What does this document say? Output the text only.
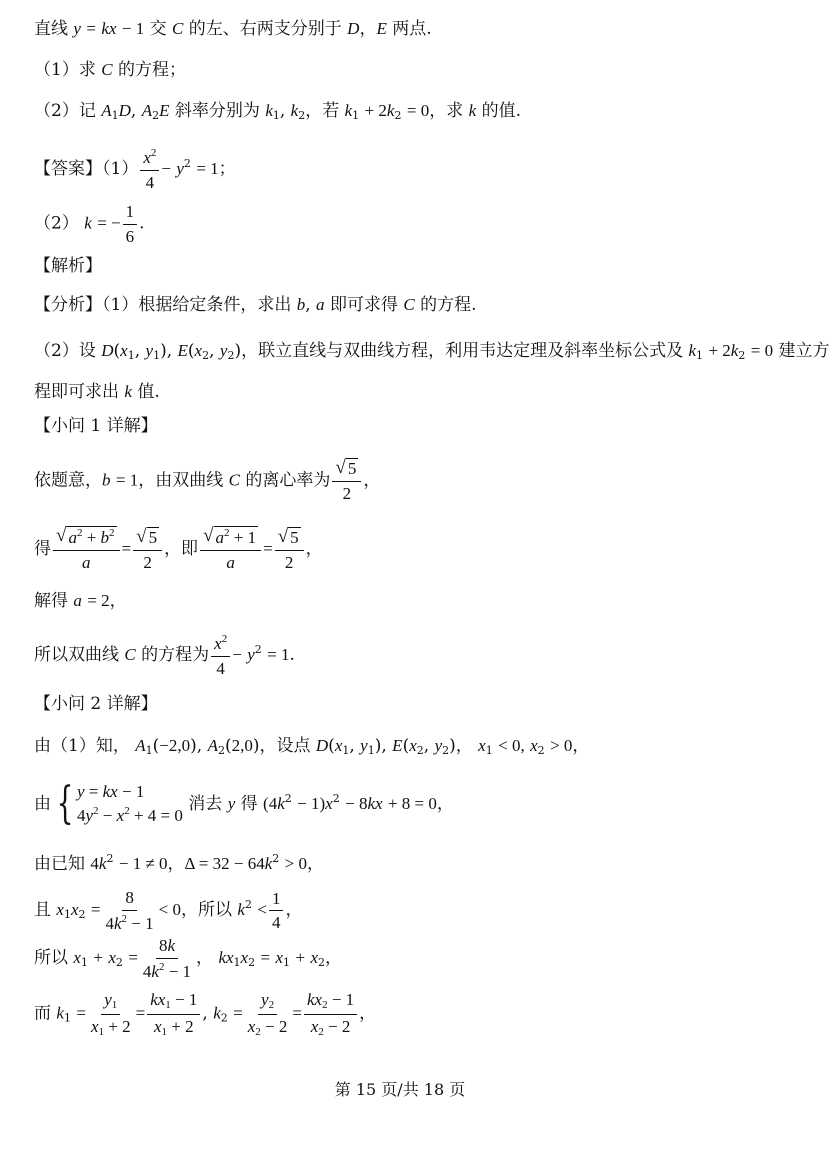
直线 y = kx − 1 交 C 的左、右两支分别于 D，E 两点.
（1）求 C 的方程；
（2）记 $A_1D$, $A_2E$ 斜率分别为 $k_1$, $k_2$，若 $k_1 + 2k_2 = 0$，求 k 的值.
【答案】$(1) \frac{x^2}{4} - y^2 = 1$；
（2） k = − $\frac{1}{6}$ .
【解析】
【分析】（1）根据给定条件，求出 b, a 即可求得 C 的方程.
（2）设 $D(x_1$, $y_1$), $E(x_2$, $y_2$)，联立直线与双曲线方程，利用韦达定理及斜率坐标公式及 $k_1 + 2k_2 = 0$ 建立方
程即可求出 k 值.
【小问 1 详解】
依题意，b = 1，由双曲线 C 的离心率为 $\frac{√ 5}{2}$ ，
得 $\frac{√ a^2 + b^2}{a} = \frac{√ 5}{2}$ ，即 $\frac{√ a^2 + 1}{a} = \frac{√ 5}{2}$ ，
解得 a = 2，
所以双曲线 C 的方程为 $\frac{x^2}{4} - y^2 = 1$.
【小问 2 详解】
由（1）知， $A_1(-2,0)$, $A_2(2,0)$，设点 $D(x_1$, $y_1$), $E(x_2$, $y_2$)， $x_1 < 0$, $x_2 > 0$，
由 { y = kx − 1
$4y^2 - x^2 + 4 = 0$
消去 y 得 $(4k^2 - 1)x^2 - 8kx + 8 = 0$，
由已知 $4k^2 - 1 \ne 0$，$\Delta = 32 - 64k^2 > 0$，
且 $x_1x_2 = \frac{8}{4k^2 - 1} < 0$，所以 $k^2 < \frac{1}{4}$ ，
所以 $x_1 + x_2 = \frac{8k}{4k^2 - 1}$ ， $kx_1x_2 = x_1 + x_2$，
而 $k_1 = \frac{y_1}{x_1 + 2} = \frac{kx_1 - 1}{x_1 + 2}$ , $k_2 = \frac{y_2}{x_2 - 2} = \frac{kx_2 - 1}{x_2 - 2}$ ，
第 15 页/共 18 页
